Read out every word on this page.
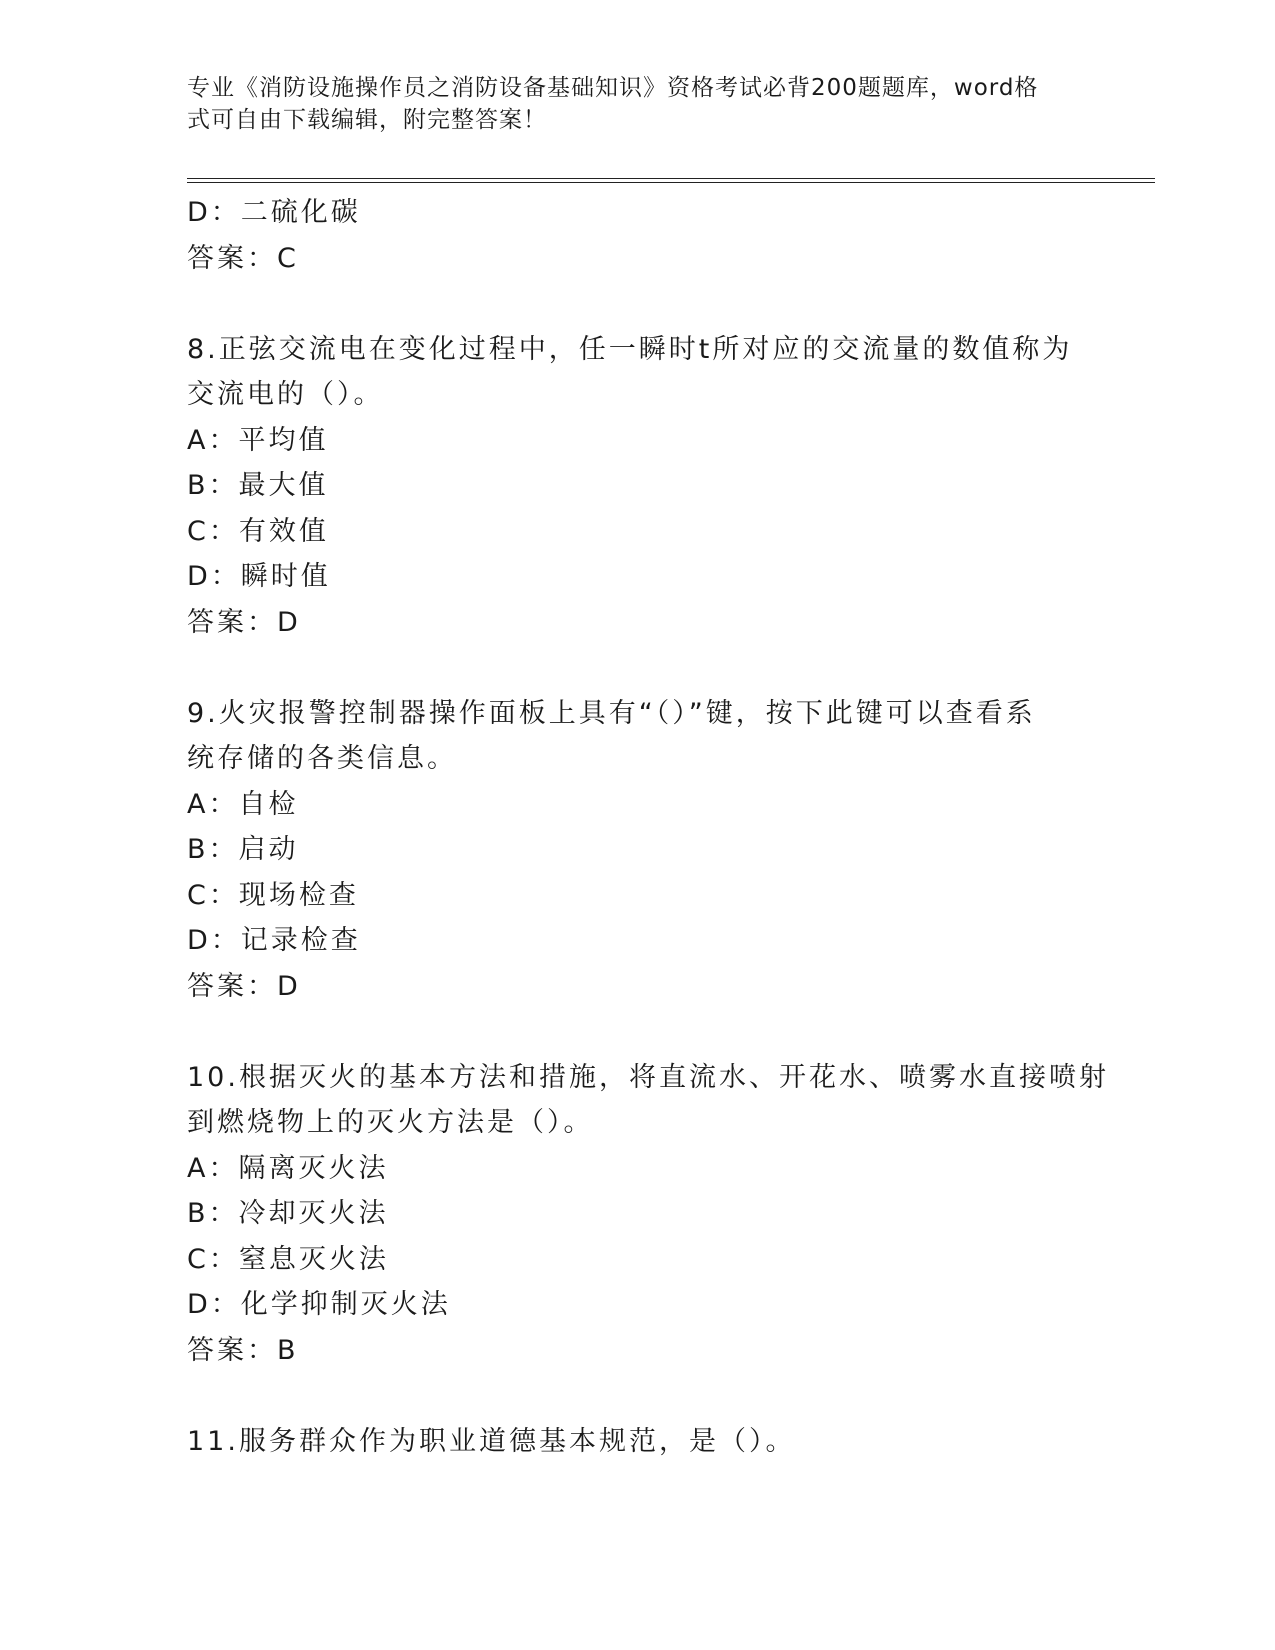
专业《消防设施操作员之消防设备基础知识》资格考试必背200题题库，word格
式可自由下载编辑，附完整答案！
D：二硫化碳
答案：C
8.正弦交流电在变化过程中，任一瞬时t所对应的交流量的数值称为
交流电的（）。
A：平均值
B：最大值
C：有效值
D：瞬时值
答案：D
9.火灾报警控制器操作面板上具有“（）”键，按下此键可以查看系
统存储的各类信息。
A：自检
B：启动
C：现场检查
D：记录检查
答案：D
10.根据灭火的基本方法和措施，将直流水、开花水、喷雾水直接喷射
到燃烧物上的灭火方法是（）。
A：隔离灭火法
B：冷却灭火法
C：窒息灭火法
D：化学抑制灭火法
答案：B
11.服务群众作为职业道德基本规范，是（）。
